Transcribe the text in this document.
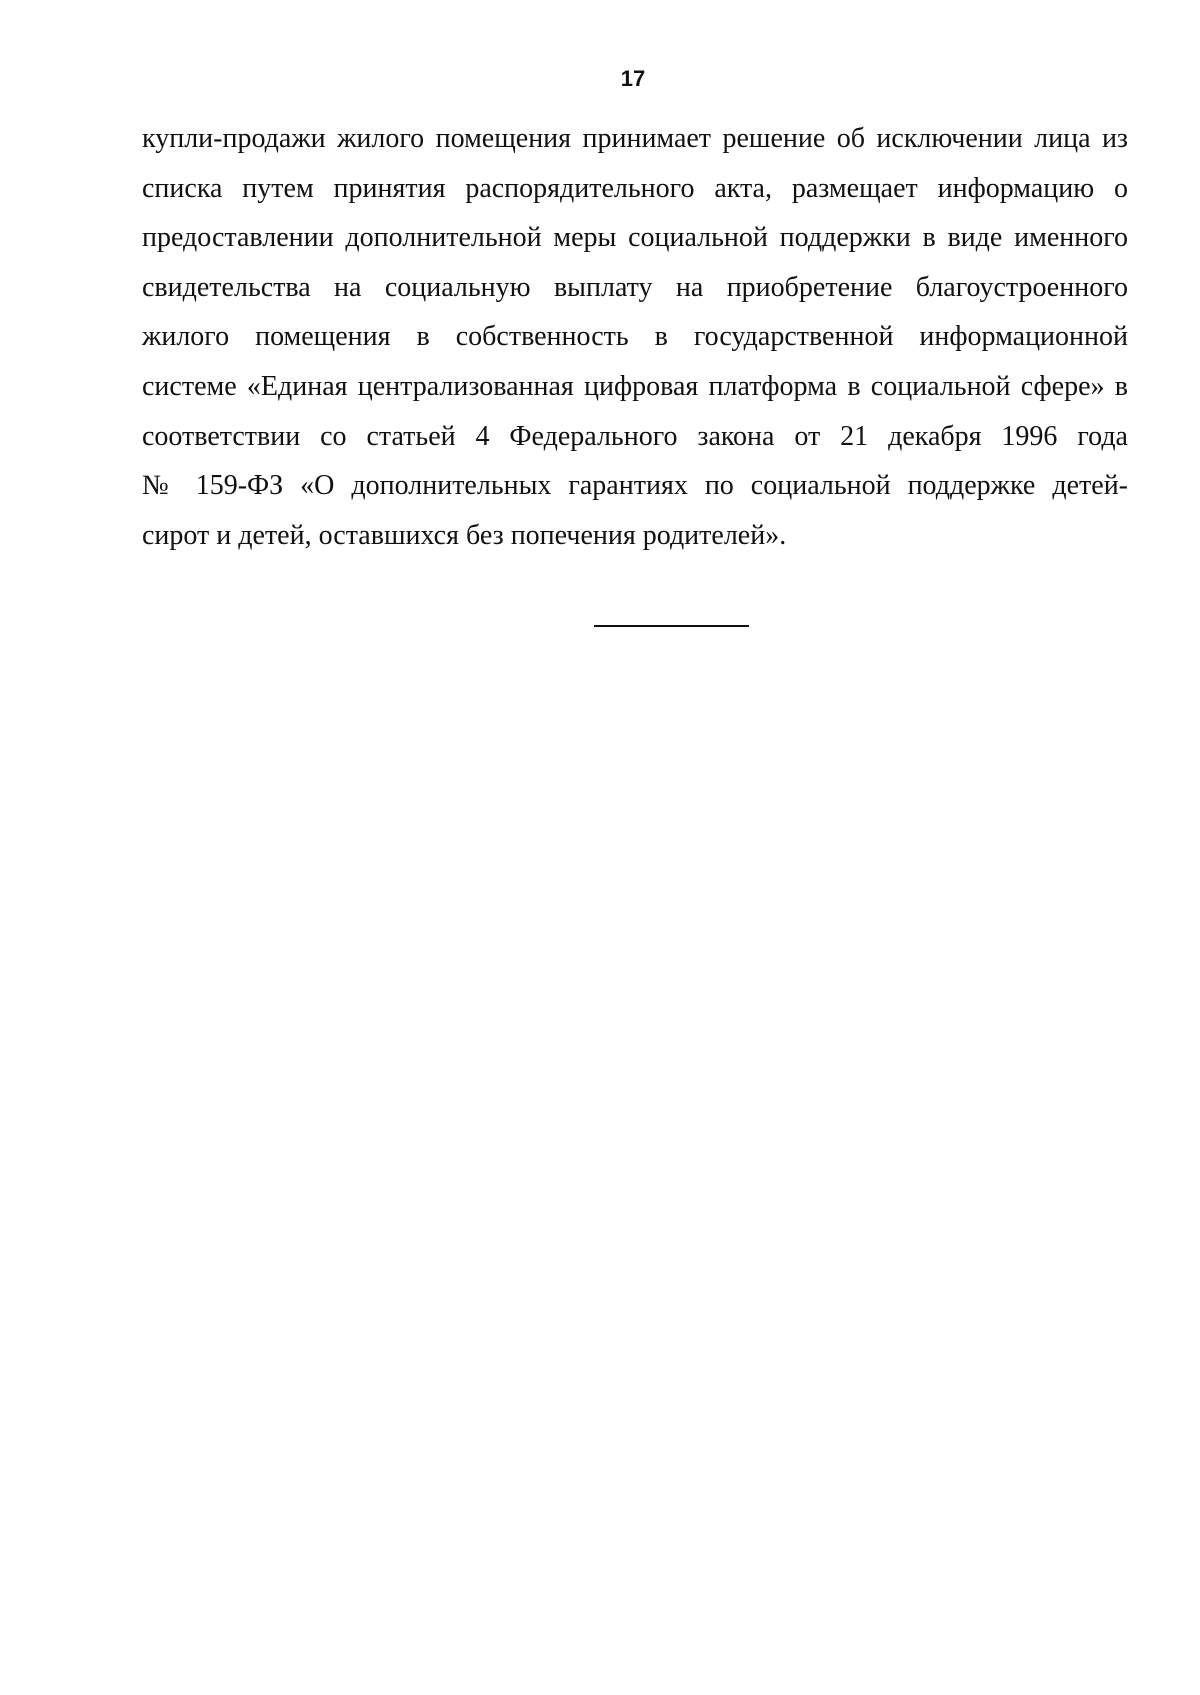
17
купли-продажи жилого помещения принимает решение об исключении лица из
списка путем принятия распорядительного акта, размещает информацию о
предоставлении дополнительной меры социальной поддержки в виде именного
свидетельства на социальную выплату на приобретение благоустроенного
жилого помещения в собственность в государственной информационной
системе «Единая централизованная цифровая платформа в социальной сфере» в
соответствии со статьей 4 Федерального закона от 21 декабря 1996 года
№ 159-ФЗ «О дополнительных гарантиях по социальной поддержке детей-
сирот и детей, оставшихся без попечения родителей».
